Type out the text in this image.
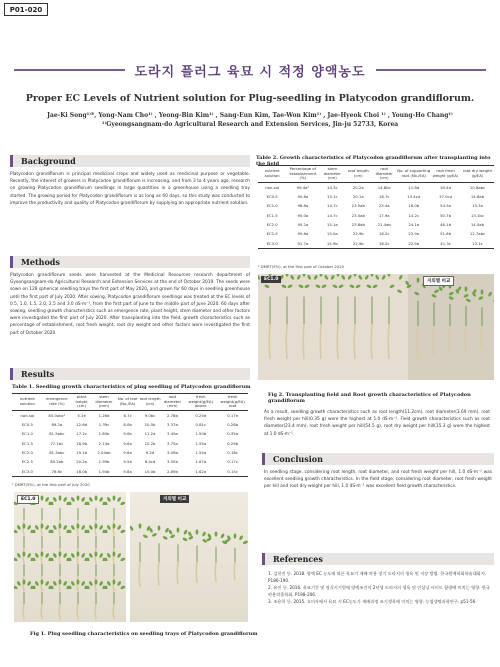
P01-020
도라지 플러그 육묘 시 적정 양액농도
Proper EC Levels of Nutrient solution for Plug-seedling in Platycodon grandiflorum.
Jae-Ki Song¹⁾*, Yong-Nam Cho¹⁾ , Yeong-Bin Kim¹⁾ , Sang-Eun Kim, Tae-Won Kim¹⁾ , Jae-Hyeok Choi ¹⁾ , Young-Ho Chang¹⁾
¹⁾Gyeongsangnam-do Agricultural Research and Extension Services, Jin-ju 52733, Korea
Background
Platycodon grandiflorum is principal medicinal crops and widely used as medicinal purpose or vegetable. Recently, the interest of growers in Platycodon grandiflorum is increasing, and from 3 to 4 years ago, research on growing Platycodon grandiflorum seedlings in large quantities in a greenhouse using a seedling tray started. The growing period for Platycodon grandiflorum is as long as 60 days, so this study was conducted to improve the productivity and quality of Platycodon grandiflorum by supplying an appropriate nutrient solution.
Methods
Platycodon grandiflorum seeds were harvested at the Medicinal Resources research department of Gyeongsangnam-do Agricultural Research and Extension Services at the end of October 2019. The seeds were sown on 128 spherical seedling trays the first part of May 2020, and grown for 60 days in seedling greenhouse until the first part of July 2020. After sowing, Platycodon grandiflorum seedlings was treated at the EC levels of 0.5, 1.0, 1.5, 2.0, 2.5 and 3.0 dS·m⁻¹, from the first part of June to the middle part of June 2020. 60 days after sowing, seedling growth characteristics such as emergence rate, plant height, stem diameter and other factors were investigated the first part of July 2020. After transplanting into the field, growth characteristics such as percentage of establishment, root fresh weight, root dry weight and other factors were investigated the first part of October 2020.
Results
Table 1. Seedling growth characteristics of plug seedling of Platycodon grandiflorum
nutrient solution	emergence rate (%)	plant height (cm)	stem diameter (mm)	No. of leaf (No./EA)	root length (cm)	root diameter (mm)	fresh weight(g/EA) above	fresh weight(g/EA) root
non-sol	85.0abc²	5.1e	1.26d	6.7c	9.0bc	2.78b	0.25d	0.17e
EC0.5	89.2a	12.6d	1.39c	8.0b	10.5b	3.37b	0.81c	0.28b
EC1.0	81.5abc	17.2c	1.60b	9.0b	11.2a	3.49a	1.50b	0.35a
EC1.5	77.1bc	18.9b	2.14a	9.6a	10.2b	3.75a	1.55a	0.29b
EC2.0	81.3abc	19.1b	2.04ab	9.6a	9.2d	3.09b	1.54a	0.18c
EC2.5	85.2ab	20.2a	1.99b	9.5a	8.4cd	3.05b	1.67a	0.17c
EC3.0	76.6c	18.0b	1.94b	9.8a	10.0b	2.89b	1.62a	0.15c
² DMRT(5%), at the first part of July 2020
EC1.0	지의별 비교
Fig 1. Plug seedling characteristics on seedling trays of Platycodon grandiflorum
Table 2. Growth characteristics of Platycodon grandiflorum after transplanting into the field
nutrient solution	Percentage of establishment (%)	stem diameter (cm)	root length (cm)	root diameter (cm)	No. of supporting root (No./EA)	root fresh weight (g/EA)	root dry weight (g/EA)
non-sol	99.4a²	14.3c	20.2a	14.8bc	11.8d	39.4d	10.8abc
EC0.5	95.6a	15.1c	20.1a	18.7c	13.4cd	37.0cd	14.8ab
EC1.0	98.8a	14.7c	23.5ab	23.4a	18.0b	54.5a	15.3a
EC1.5	95.0a	14.7c	23.5ab	17.9a	14.2c	50.7b	13.1bc
EC2.0	95.2a	15.1a	23.8ab	21.4ab	24.1a	46.1b	14.5ab
EC2.5	95.6a	15.0a	22.9b	18.2c	23.9a	51.6b	12.7abc
EC3.0	91.7a	15.9b	22.9b	18.2c	22.9a	41.3c	12.1c
² DMRT(5%), at the first part of October 2020
EC1.0	지의별 비교
Fig 2. Transplanting field and Root growth characteristics of Platycodon grandiflorum
As a result, seedling growth characteristics such as root length(11.2cm), root diameter(3.69 mm), root fresh weight per hill(0.35 g) were the highest at 1.0 dS·m⁻¹. Field growth characteristics such as root diameter(23.4 mm), root fresh weight per hill(54.5 g), root dry weight per hill(15.3 g) were the highest at 1.0 dS·m⁻¹.
Conclusion
In seedling stage, considering root length, root diameter, and root fresh weight per hill, 1.0 dS·m⁻¹ was excellent seedling growth characteristics. In the field stage, considering root diameter, root fresh weight per hill and root dry weight per hill, 1.0 dS·m⁻¹ was excellent field growth characteristics.
References
1. 김헌진 등. 2018. 양액 EC 농도에 따른 육묘기 재배 약용 장기 도라지의 생육 및 저장 방법. 한국원예학회학술대회지. P186-190.
2. 유진 등. 2016. 육묘기간 및 정식시기별에 양액조건이 2년생 도라지의 생육 및 인삼닝 사미드 함량에 미치는 영향. 한국약용작물학회. P198-206.
3. 조용희 등. 2015. 오미자에서 육묘 시 EC농도가 재배과정 조기생육에 미치는 영향. 농업생명과학연구. p51-56.
